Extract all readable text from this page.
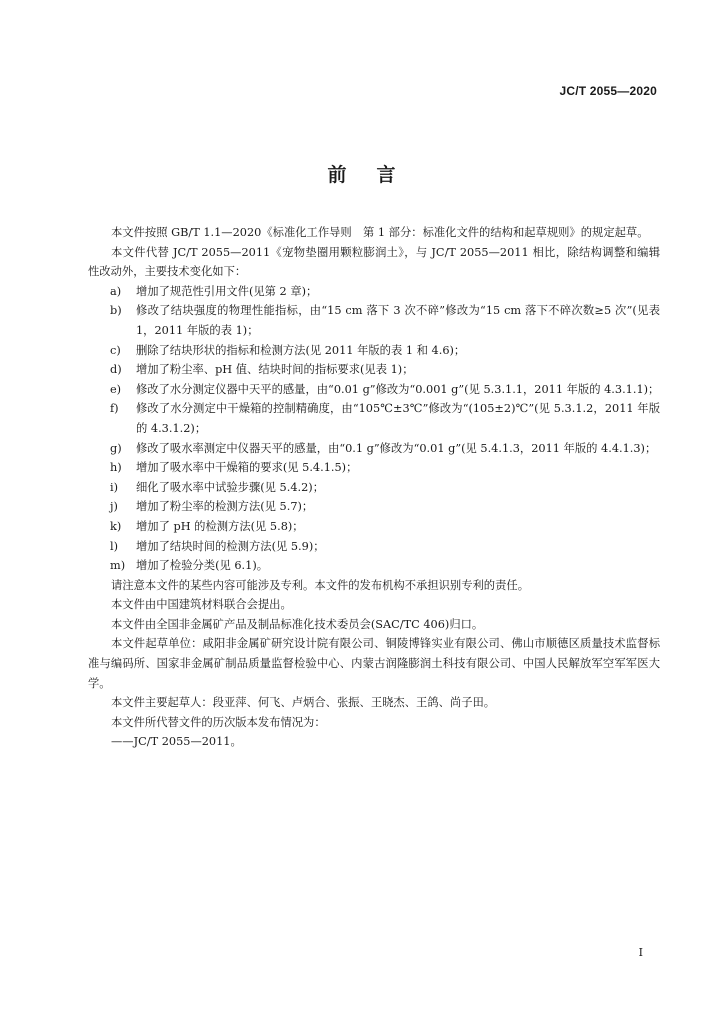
JC/T 2055—2020
前言
本文件按照 GB/T 1.1—2020《标准化工作导则　第 1 部分：标准化文件的结构和起草规则》的规定起草。
本文件代替 JC/T 2055—2011《宠物垫圈用颗粒膨润土》，与 JC/T 2055—2011 相比，除结构调整和编辑性改动外，主要技术变化如下：
a)	增加了规范性引用文件(见第 2 章)；
b)	修改了结块强度的物理性能指标，由“15 cm 落下 3 次不碎”修改为“15 cm 落下不碎次数≥5 次”(见表 1，2011 年版的表 1)；
c)	删除了结块形状的指标和检测方法(见 2011 年版的表 1 和 4.6)；
d)	增加了粉尘率、pH 值、结块时间的指标要求(见表 1)；
e)	修改了水分测定仪器中天平的感量，由“0.01 g”修改为“0.001 g”(见 5.3.1.1，2011 年版的 4.3.1.1)；
f)	修改了水分测定中干燥箱的控制精确度，由“105℃±3℃”修改为“(105±2)℃”(见 5.3.1.2，2011 年版的 4.3.1.2)；
g)	修改了吸水率测定中仪器天平的感量，由“0.1 g”修改为“0.01 g”(见 5.4.1.3，2011 年版的 4.4.1.3)；
h)	增加了吸水率中干燥箱的要求(见 5.4.1.5)；
i)	细化了吸水率中试验步骤(见 5.4.2)；
j)	增加了粉尘率的检测方法(见 5.7)；
k)	增加了 pH 的检测方法(见 5.8)；
l)	增加了结块时间的检测方法(见 5.9)；
m) 增加了检验分类(见 6.1)。
请注意本文件的某些内容可能涉及专利。本文件的发布机构不承担识别专利的责任。
本文件由中国建筑材料联合会提出。
本文件由全国非金属矿产品及制品标准化技术委员会(SAC/TC 406)归口。
本文件起草单位：咸阳非金属矿研究设计院有限公司、铜陵博锋实业有限公司、佛山市顺德区质量技术监督标准与编码所、国家非金属矿制品质量监督检验中心、内蒙古润隆膨润土科技有限公司、中国人民解放军空军军医大学。
本文件主要起草人：段亚萍、何飞、卢炳合、张振、王晓杰、王鸽、尚子田。
本文件所代替文件的历次版本发布情况为：
——JC/T 2055—2011。
I
